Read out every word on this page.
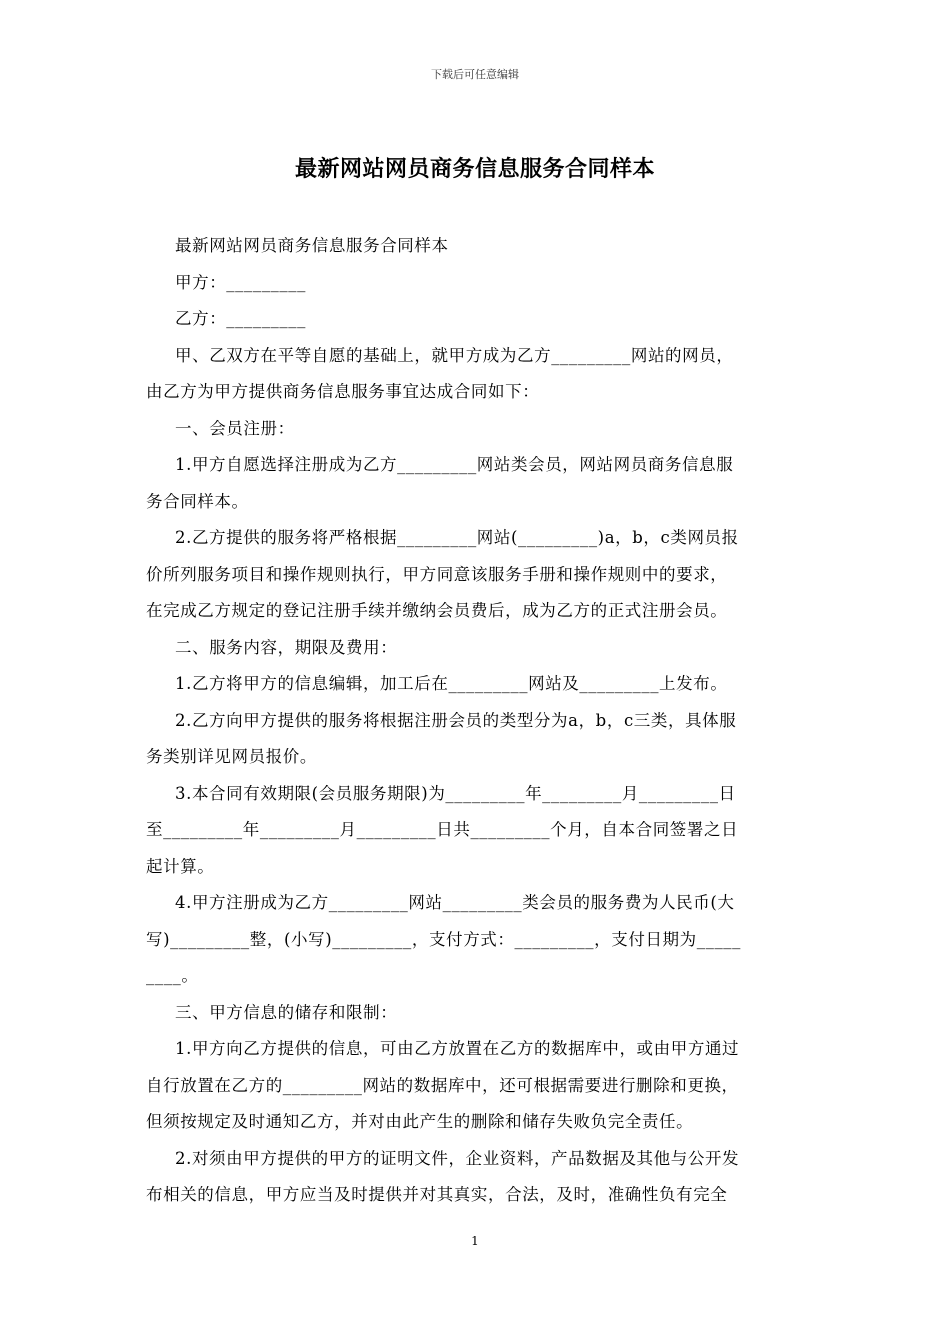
下载后可任意编辑
最新网站网员商务信息服务合同样本
最新网站网员商务信息服务合同样本
甲方：_________
乙方：_________
甲、乙双方在平等自愿的基础上，就甲方成为乙方_________网站的网员，
由乙方为甲方提供商务信息服务事宜达成合同如下：
一、会员注册：
1.甲方自愿选择注册成为乙方_________网站类会员，网站网员商务信息服
务合同样本。
2.乙方提供的服务将严格根据_________网站(_________)a，b，c类网员报
价所列服务项目和操作规则执行，甲方同意该服务手册和操作规则中的要求，
在完成乙方规定的登记注册手续并缴纳会员费后，成为乙方的正式注册会员。
二、服务内容，期限及费用：
1.乙方将甲方的信息编辑，加工后在_________网站及_________上发布。
2.乙方向甲方提供的服务将根据注册会员的类型分为a，b，c三类，具体服
务类别详见网员报价。
3.本合同有效期限(会员服务期限)为_________年_________月_________日
至_________年_________月_________日共_________个月，自本合同签署之日
起计算。
4.甲方注册成为乙方_________网站_________类会员的服务费为人民币(大
写)_________整，(小写)_________，支付方式：_________，支付日期为_____
____。
三、甲方信息的储存和限制：
1.甲方向乙方提供的信息，可由乙方放置在乙方的数据库中，或由甲方通过
自行放置在乙方的_________网站的数据库中，还可根据需要进行删除和更换，
但须按规定及时通知乙方，并对由此产生的删除和储存失败负完全责任。
2.对须由甲方提供的甲方的证明文件，企业资料，产品数据及其他与公开发
布相关的信息，甲方应当及时提供并对其真实，合法，及时，准确性负有完全
1
